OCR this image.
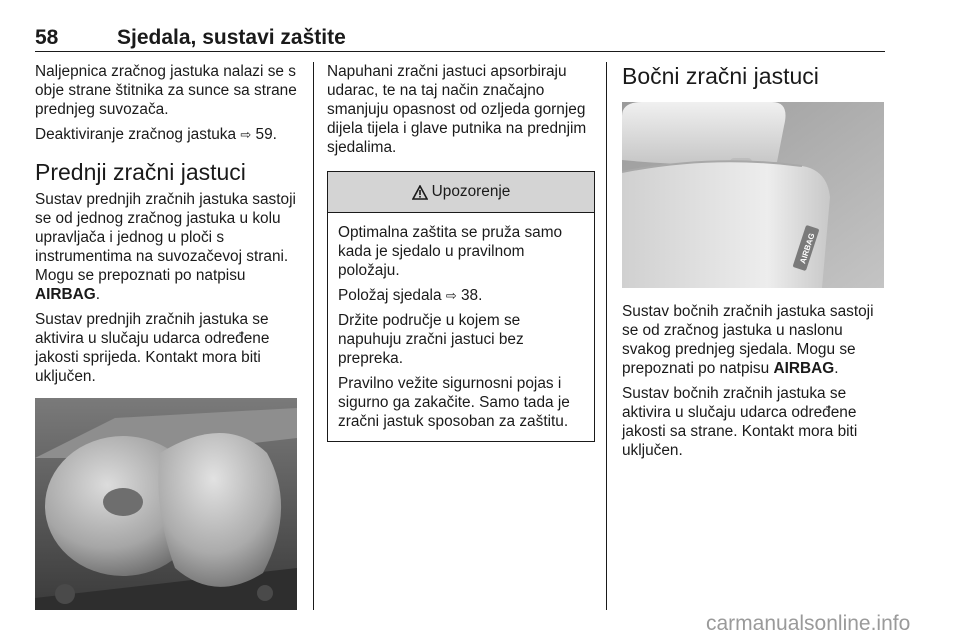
58	Sjedala, sustavi zaštite

Naljepnica zračnog jastuka nalazi se s obje strane štitnika za sunce sa strane prednjeg suvozača.

Deaktiviranje zračnog jastuka ⇨ 59.

Prednji zračni jastuci

Sustav prednjih zračnih jastuka sastoji se od jednog zračnog jastuka u kolu upravljača i jednog u ploči s instrumentima na suvozačevoj strani. Mogu se prepoznati po natpisu AIRBAG.

Sustav prednjih zračnih jastuka se aktivira u slučaju udarca određene jakosti sprijeda. Kontakt mora biti uključen.

Napuhani zračni jastuci apsorbiraju udarac, te na taj način značajno smanjuju opasnost od ozljeda gornjeg dijela tijela i glave putnika na prednjim sjedalima.

Upozorenje

Optimalna zaštita se pruža samo kada je sjedalo u pravilnom položaju.

Položaj sjedala ⇨ 38.

Držite područje u kojem se napuhuju zračni jastuci bez prepreka.

Pravilno vežite sigurnosni pojas i sigurno ga zakačite. Samo tada je zračni jastuk sposoban za zaštitu.

Bočni zračni jastuci
AIRBAG

Sustav bočnih zračnih jastuka sastoji se od zračnog jastuka u naslonu svakog prednjeg sjedala. Mogu se prepoznati po natpisu AIRBAG.

Sustav bočnih zračnih jastuka se aktivira u slučaju udarca određene jakosti sa strane. Kontakt mora biti uključen.

carmanualsonline.info
